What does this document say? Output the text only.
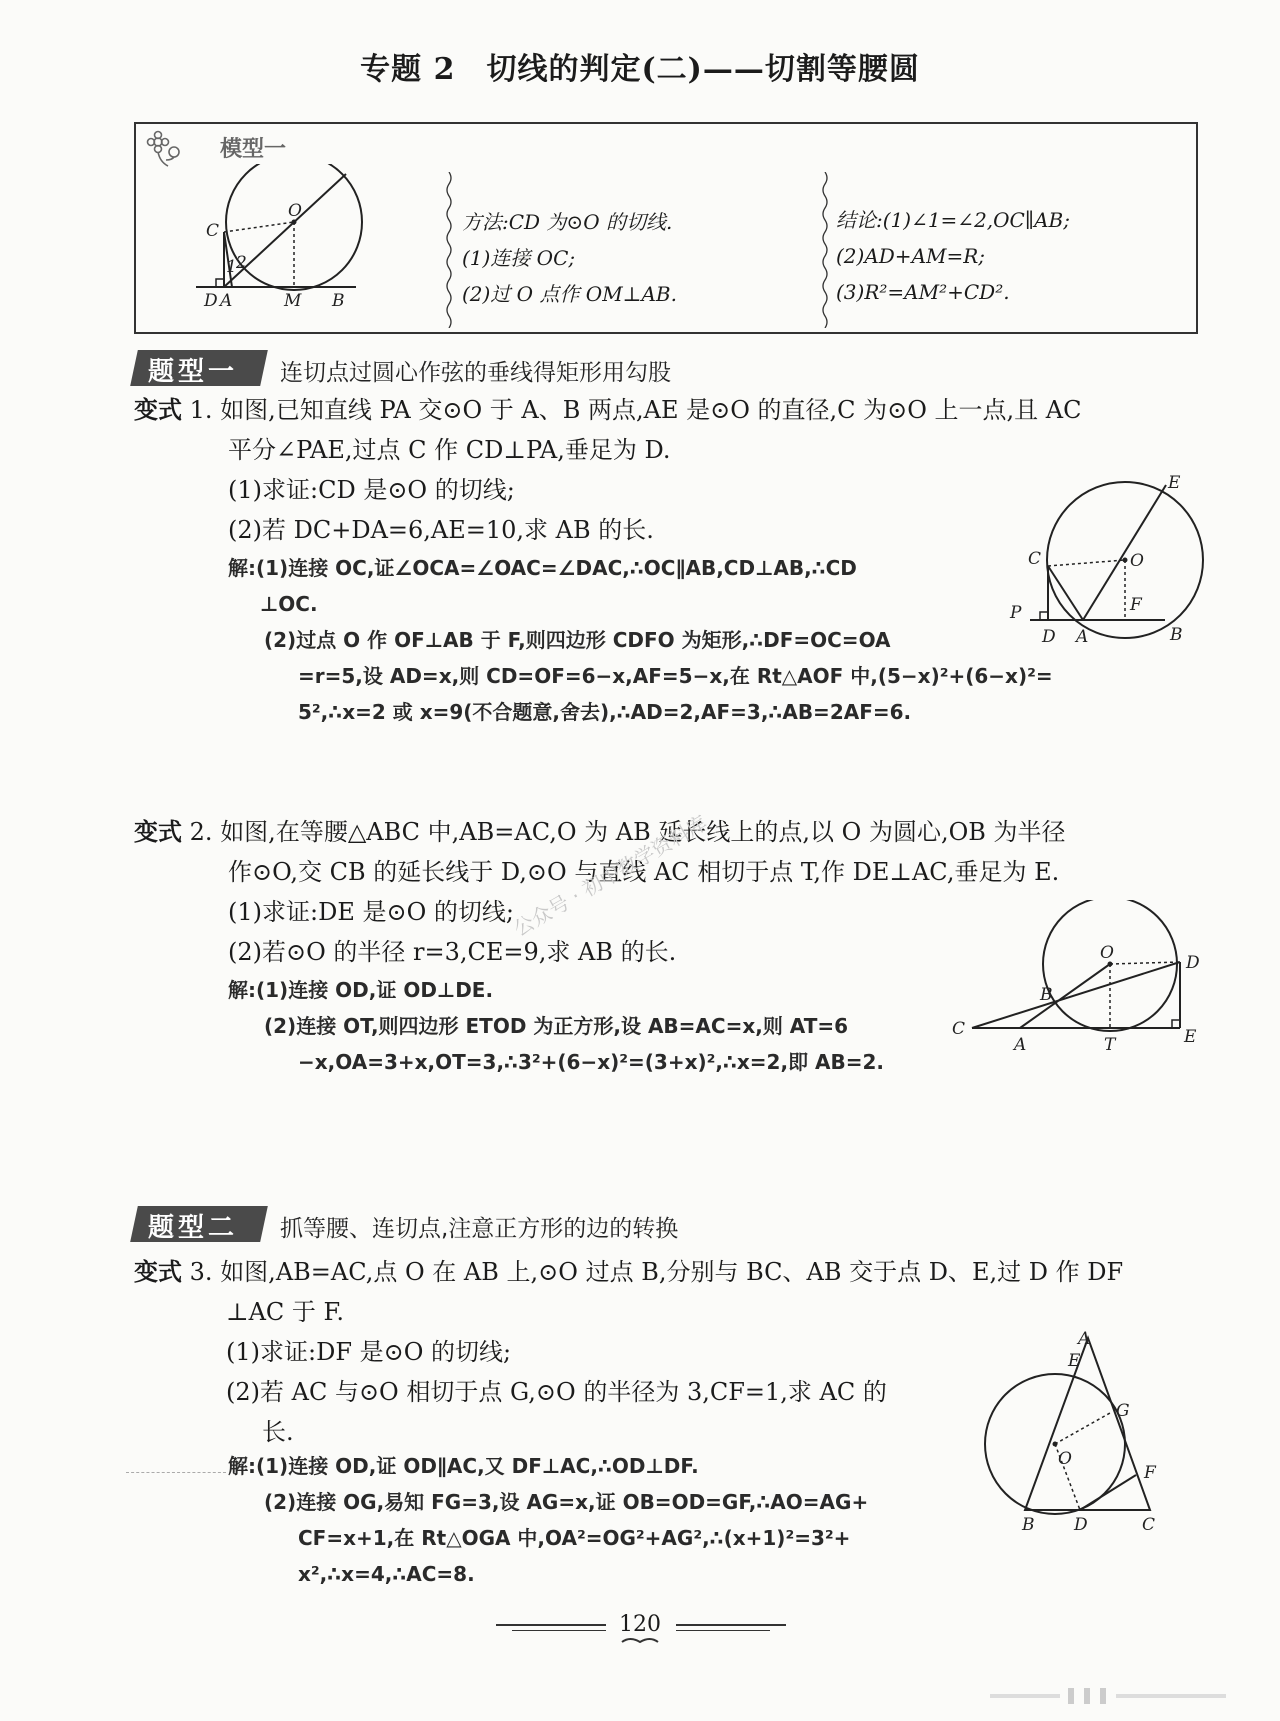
专题 2　切线的判定(二)——切割等腰圆
模型一
C
O
1 2
D A	M B
方法:CD 为⊙O 的切线.
(1)连接 OC;
(2)过 O 点作 OM⊥AB.
结论:(1)∠1=∠2,OC∥AB;
(2)AD+AM=R;
(3)R²=AM²+CD².
题型一 连切点过圆心作弦的垂线得矩形用勾股
变式 1. 如图,已知直线 PA 交⊙O 于 A、B 两点,AE 是⊙O 的直径,C 为⊙O 上一点,且 AC
平分∠PAE,过点 C 作 CD⊥PA,垂足为 D.
(1)求证:CD 是⊙O 的切线;
(2)若 DC+DA=6,AE=10,求 AB 的长.
解:(1)连接 OC,证∠OCA=∠OAC=∠DAC,∴OC∥AB,CD⊥AB,∴CD
⊥OC.
(2)过点 O 作 OF⊥AB 于 F,则四边形 CDFO 为矩形,∴DF=OC=OA
=r=5,设 AD=x,则 CD=OF=6−x,AF=5−x,在 Rt△AOF 中,(5−x)²+(6−x)²=
5²,∴x=2 或 x=9(不合题意,舍去),∴AD=2,AF=3,∴AB=2AF=6.
E
C	O
F
P
D A	B
变式 2. 如图,在等腰△ABC 中,AB=AC,O 为 AB 延长线上的点,以 O 为圆心,OB 为半径
作⊙O,交 CB 的延长线于 D,⊙O 与直线 AC 相切于点 T,作 DE⊥AC,垂足为 E.
(1)求证:DE 是⊙O 的切线;
(2)若⊙O 的半径 r=3,CE=9,求 AB 的长.
解:(1)连接 OD,证 OD⊥DE.
(2)连接 OT,则四边形 ETOD 为正方形,设 AB=AC=x,则 AT=6
−x,OA=3+x,OT=3,∴3²+(6−x)²=(3+x)²,∴x=2,即 AB=2.
公众号 · 初中数学资料库
O	D
B
C
A	T	E
题型二 抓等腰、连切点,注意正方形的边的转换
变式 3. 如图,AB=AC,点 O 在 AB 上,⊙O 过点 B,分别与 BC、AB 交于点 D、E,过 D 作 DF
⊥AC 于 F.
(1)求证:DF 是⊙O 的切线;
(2)若 AC 与⊙O 相切于点 G,⊙O 的半径为 3,CF=1,求 AC 的
长.
解:(1)连接 OD,证 OD∥AC,又 DF⊥AC,∴OD⊥DF.
(2)连接 OG,易知 FG=3,设 AG=x,证 OB=OD=GF,∴AO=AG+
CF=x+1,在 Rt△OGA 中,OA²=OG²+AG²,∴(x+1)²=3²+
x²,∴x=4,∴AC=8.
A
E
G
O
F
B D	C
120
